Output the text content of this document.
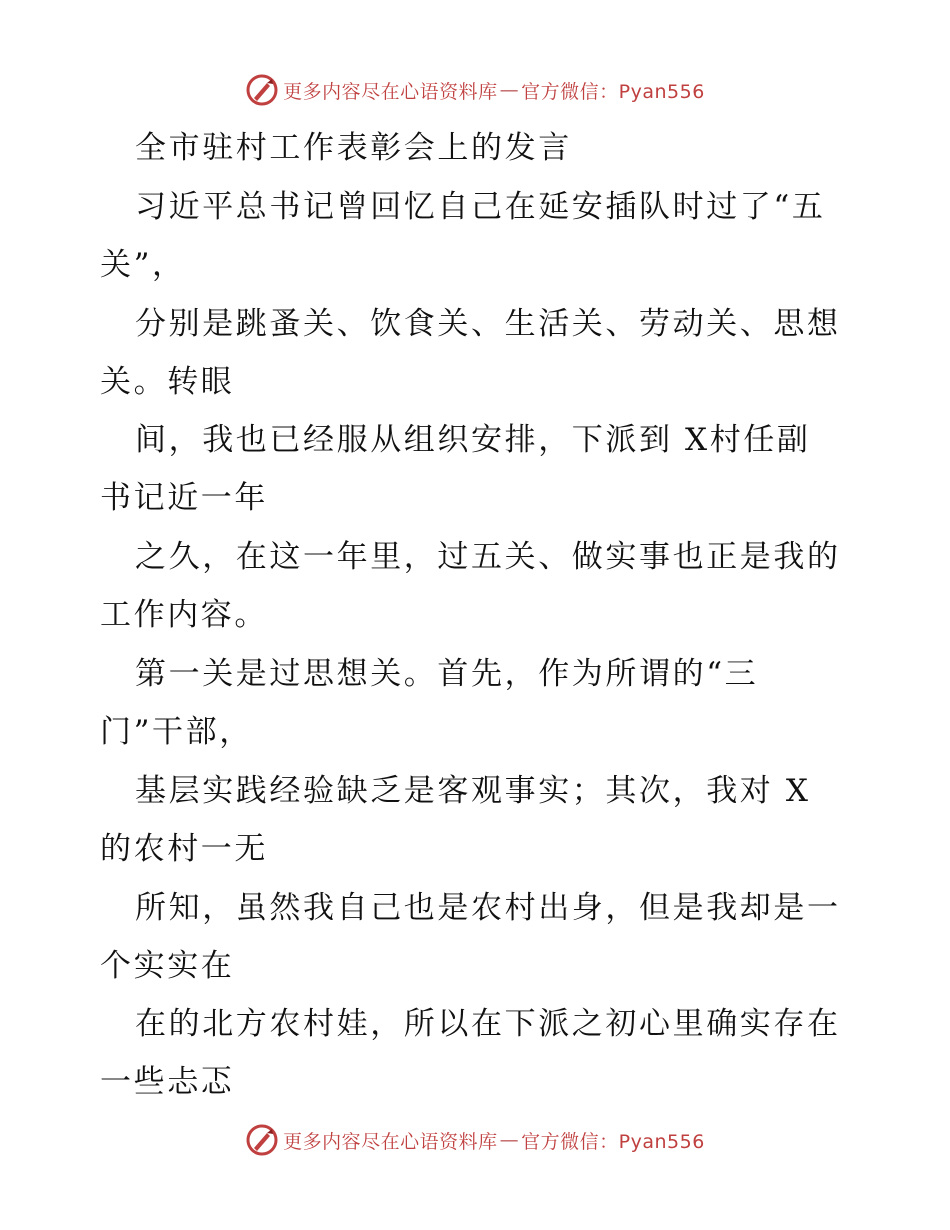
更多内容尽在心语资料库 — 官方微信：Pyan556
全市驻村工作表彰会上的发言
习近平总书记曾回忆自己在延安插队时过了“五
关”，
分别是跳蚤关、饮食关、生活关、劳动关、思想
关。转眼
间，我也已经服从组织安排，下派到 X村任副
书记近一年
之久，在这一年里，过五关、做实事也正是我的
工作内容。
第一关是过思想关。首先，作为所谓的“三
门”干部，
基层实践经验缺乏是客观事实；其次，我对 X
的农村一无
所知，虽然我自己也是农村出身，但是我却是一
个实实在
在的北方农村娃，所以在下派之初心里确实存在
一些忐忑
更多内容尽在心语资料库 — 官方微信：Pyan556
